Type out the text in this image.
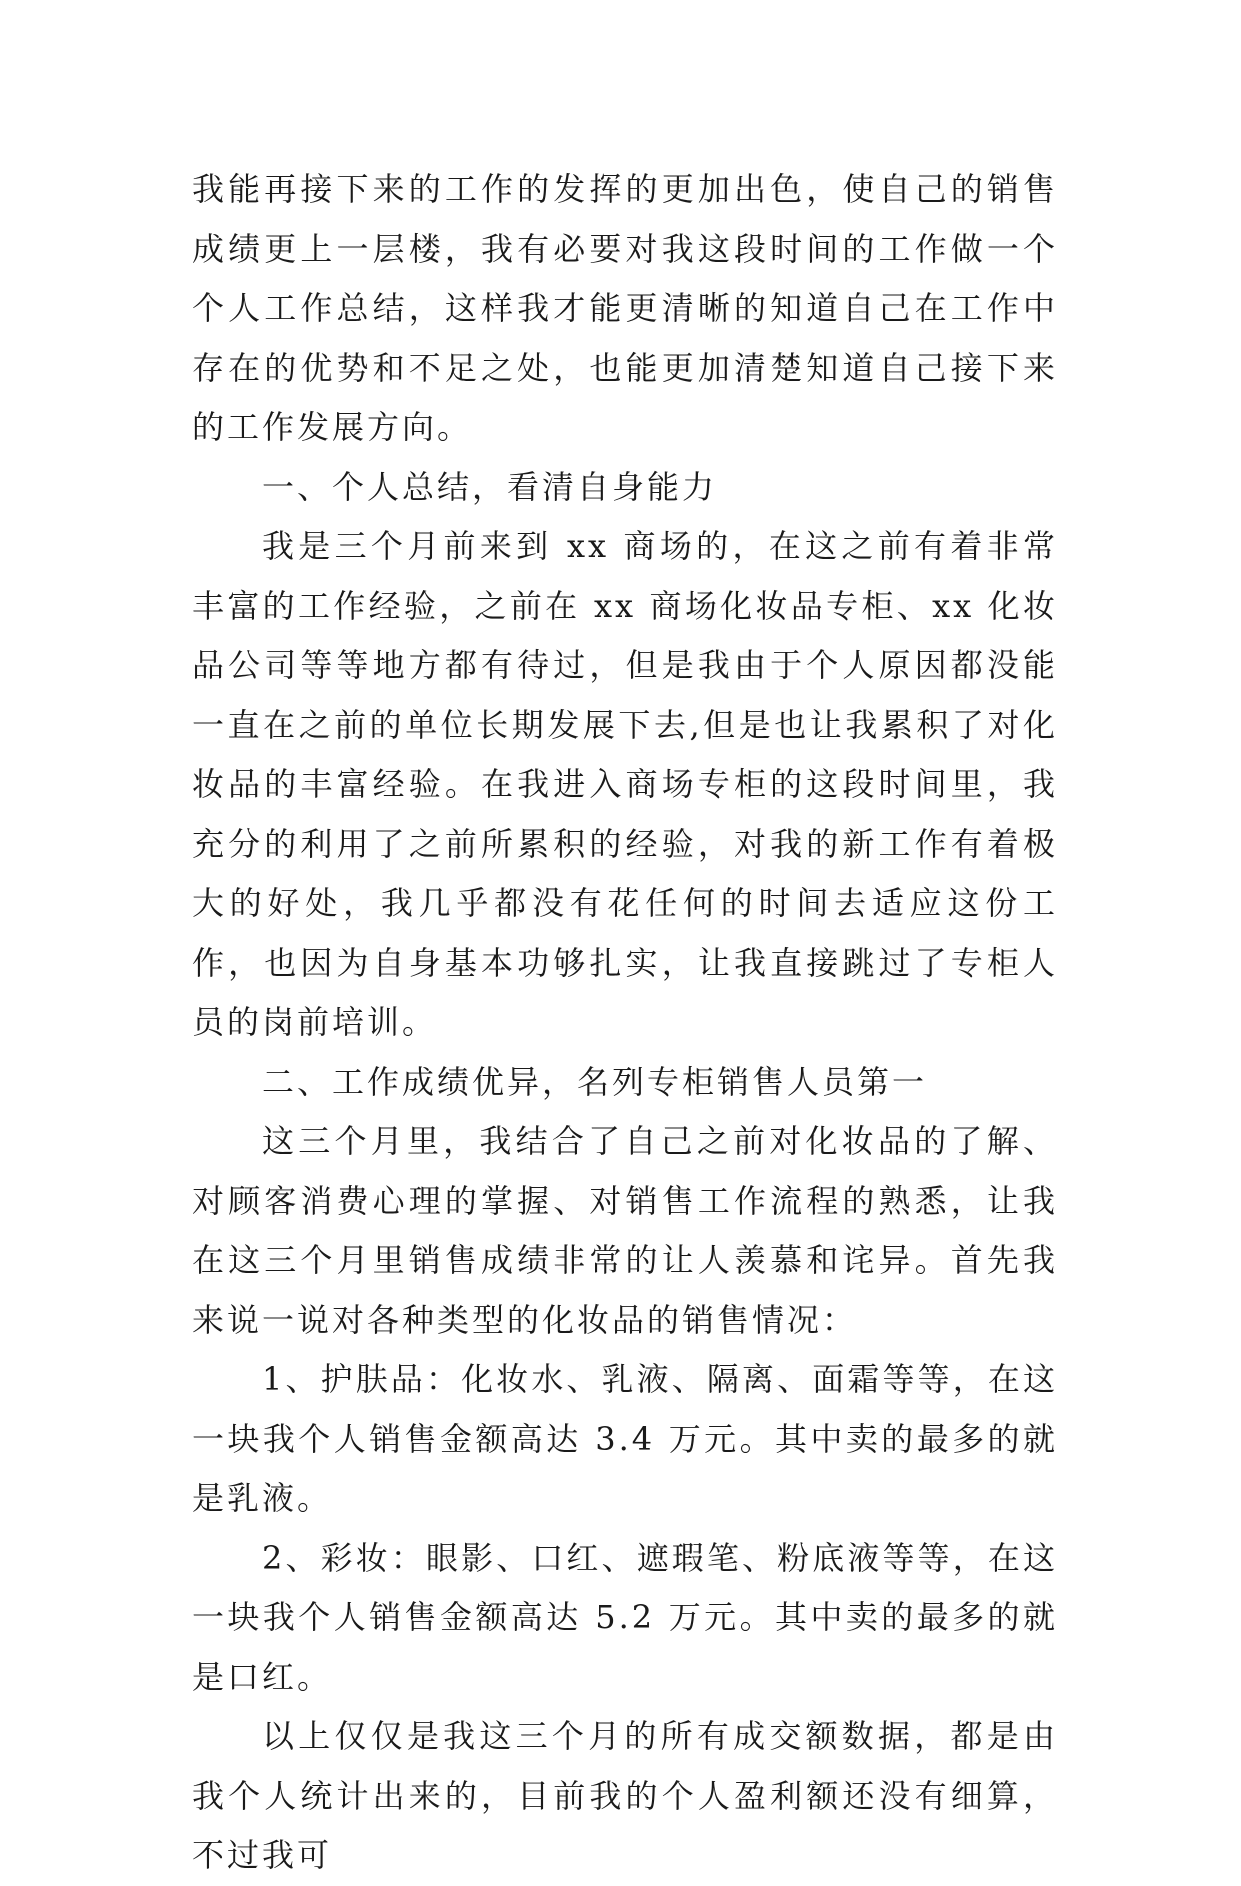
我能再接下来的工作的发挥的更加出色，使自己的销售成绩更上一层楼，我有必要对我这段时间的工作做一个个人工作总结，这样我才能更清晰的知道自己在工作中存在的优势和不足之处，也能更加清楚知道自己接下来的工作发展方向。

一、个人总结，看清自身能力

我是三个月前来到 xx 商场的，在这之前有着非常丰富的工作经验，之前在 xx 商场化妆品专柜、xx 化妆品公司等等地方都有待过，但是我由于个人原因都没能一直在之前的单位长期发展下去,但是也让我累积了对化妆品的丰富经验。在我进入商场专柜的这段时间里，我充分的利用了之前所累积的经验，对我的新工作有着极大的好处，我几乎都没有花任何的时间去适应这份工作，也因为自身基本功够扎实，让我直接跳过了专柜人员的岗前培训。

二、工作成绩优异，名列专柜销售人员第一

这三个月里，我结合了自己之前对化妆品的了解、对顾客消费心理的掌握、对销售工作流程的熟悉，让我在这三个月里销售成绩非常的让人羡慕和诧异。首先我来说一说对各种类型的化妆品的销售情况：

1、护肤品：化妆水、乳液、隔离、面霜等等，在这一块我个人销售金额高达 3.4 万元。其中卖的最多的就是乳液。

2、彩妆：眼影、口红、遮瑕笔、粉底液等等，在这一块我个人销售金额高达 5.2 万元。其中卖的最多的就是口红。

以上仅仅是我这三个月的所有成交额数据，都是由我个人统计出来的，目前我的个人盈利额还没有细算，不过我可
